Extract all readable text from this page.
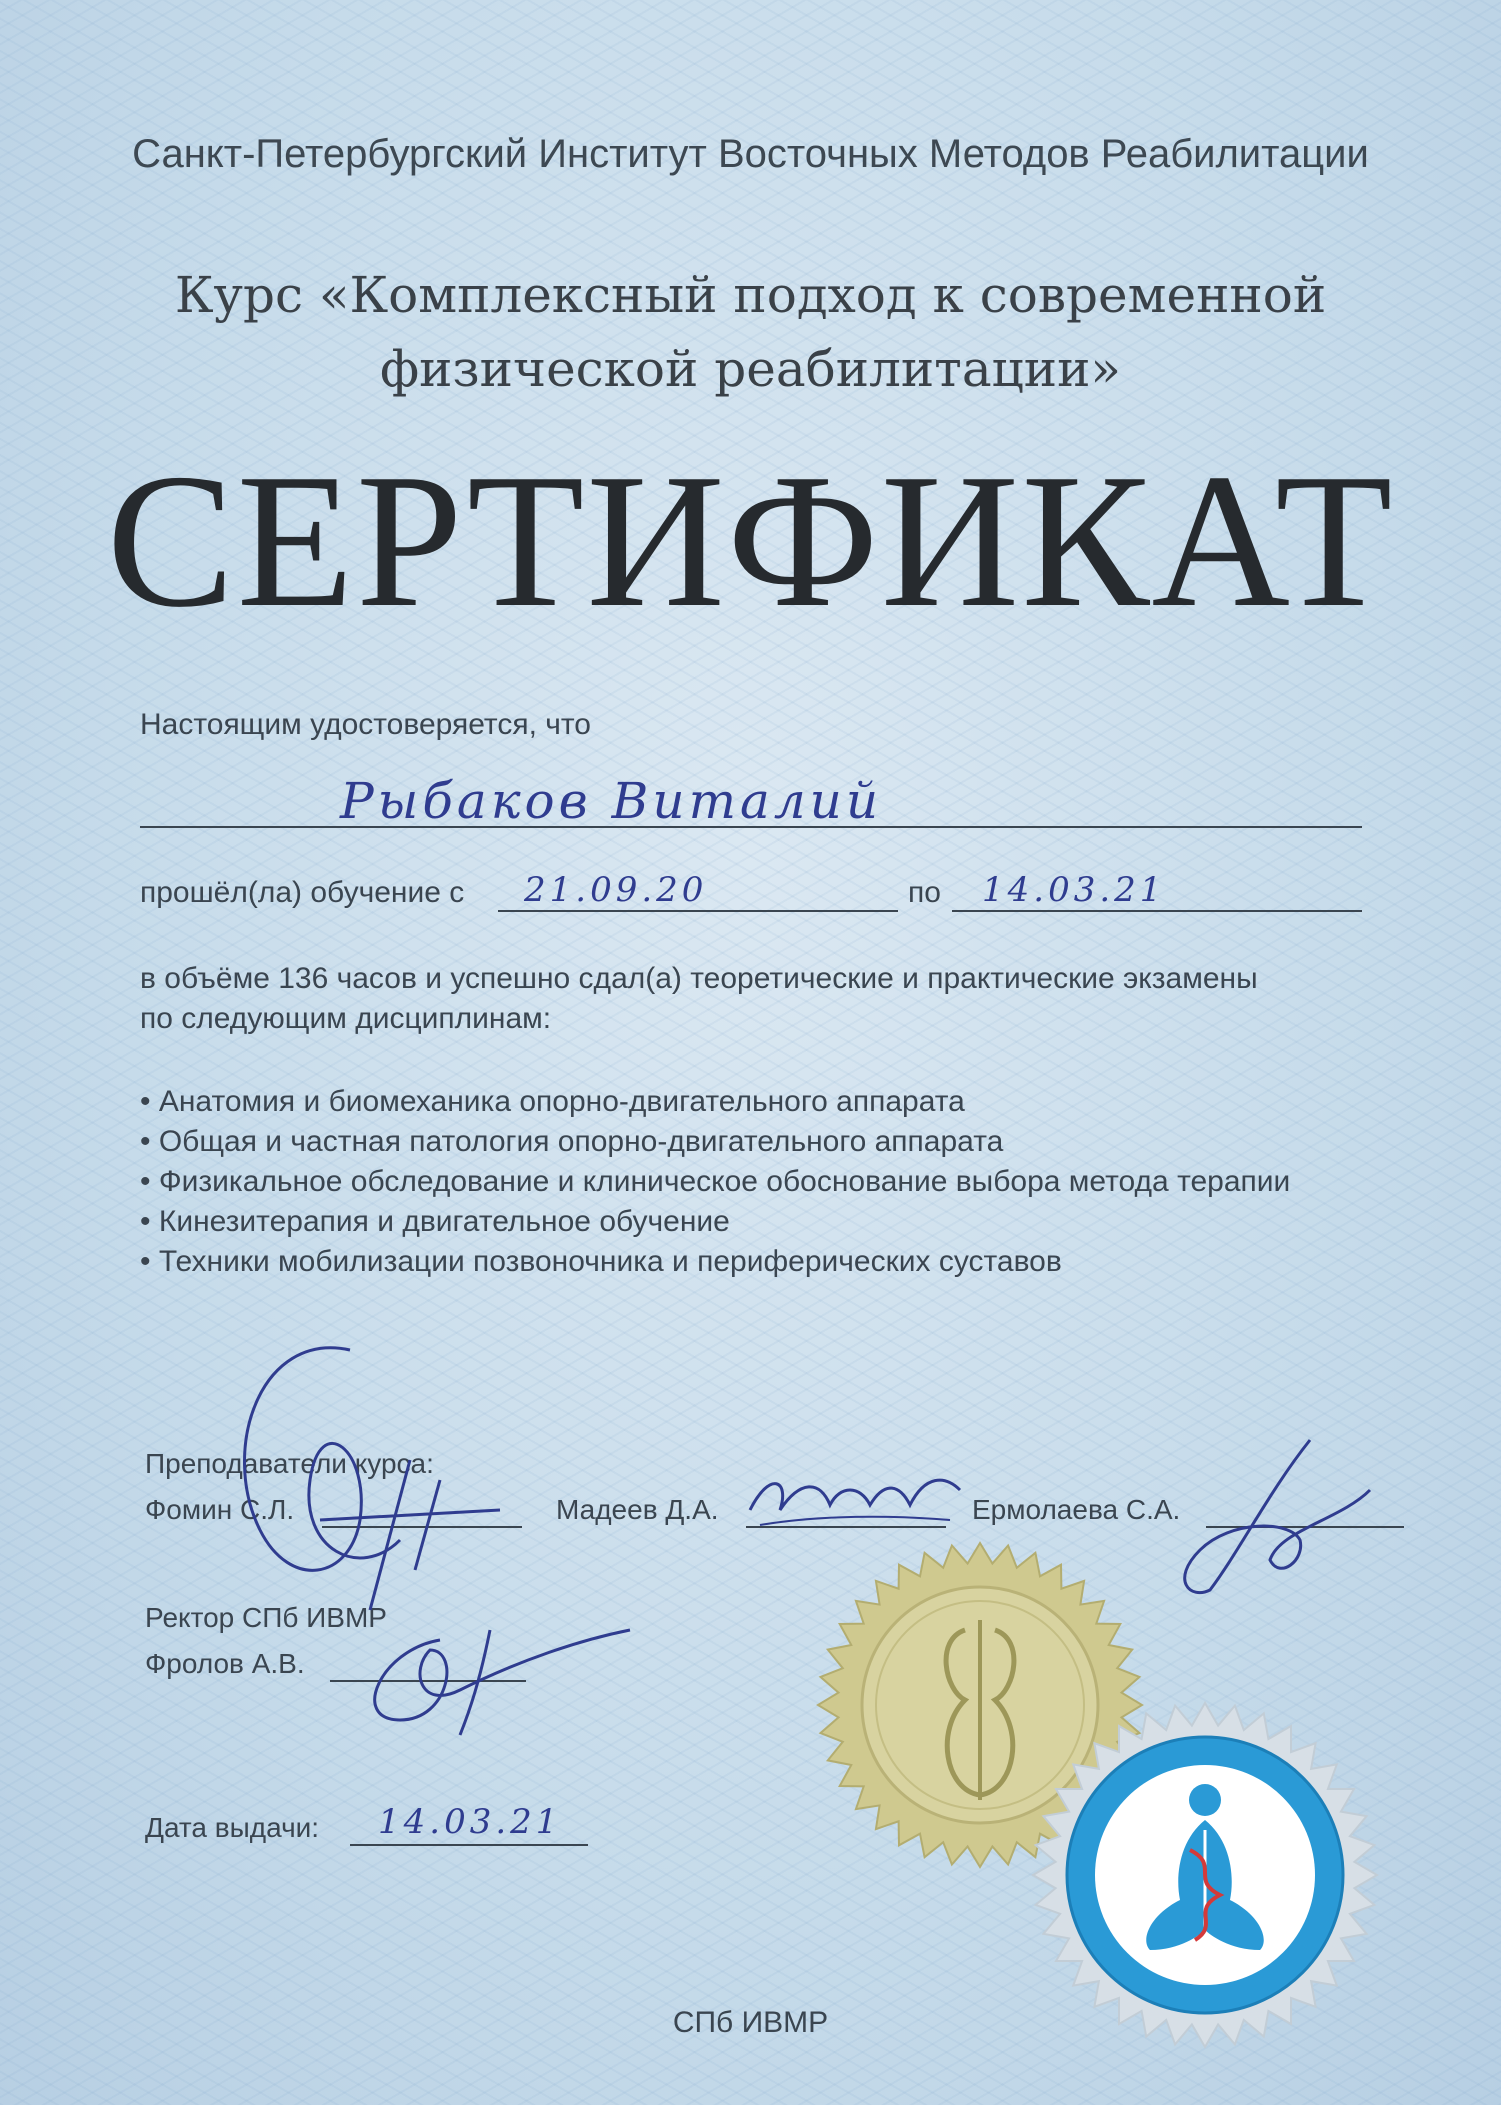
Санкт-Петербургский Институт Восточных Методов Реабилитации
Курс «Комплексный подход к современной
физической реабилитации»
СЕРТИФИКАТ
Настоящим удостоверяется, что
Рыбаков Виталий
прошёл(ла) обучение с 21.09.20	по 14.03.21
в объёме 136 часов и успешно сдал(а) теоретические и практические экзамены
по следующим дисциплинам:
• Анатомия и биомеханика опорно-двигательного аппарата
• Общая и частная патология опорно-двигательного аппарата
• Физикальное обследование и клиническое обоснование выбора метода терапии
• Кинезитерапия и двигательное обучение
• Техники мобилизации позвоночника и периферических суставов
Преподаватели курса:
Фомин С.Л.	Мадеев Д.А.	Ермолаева С.А.
Ректор СПб ИВМР
Фролов А.В.
Дата выдачи: 14.03.21
СПб ИВМР
